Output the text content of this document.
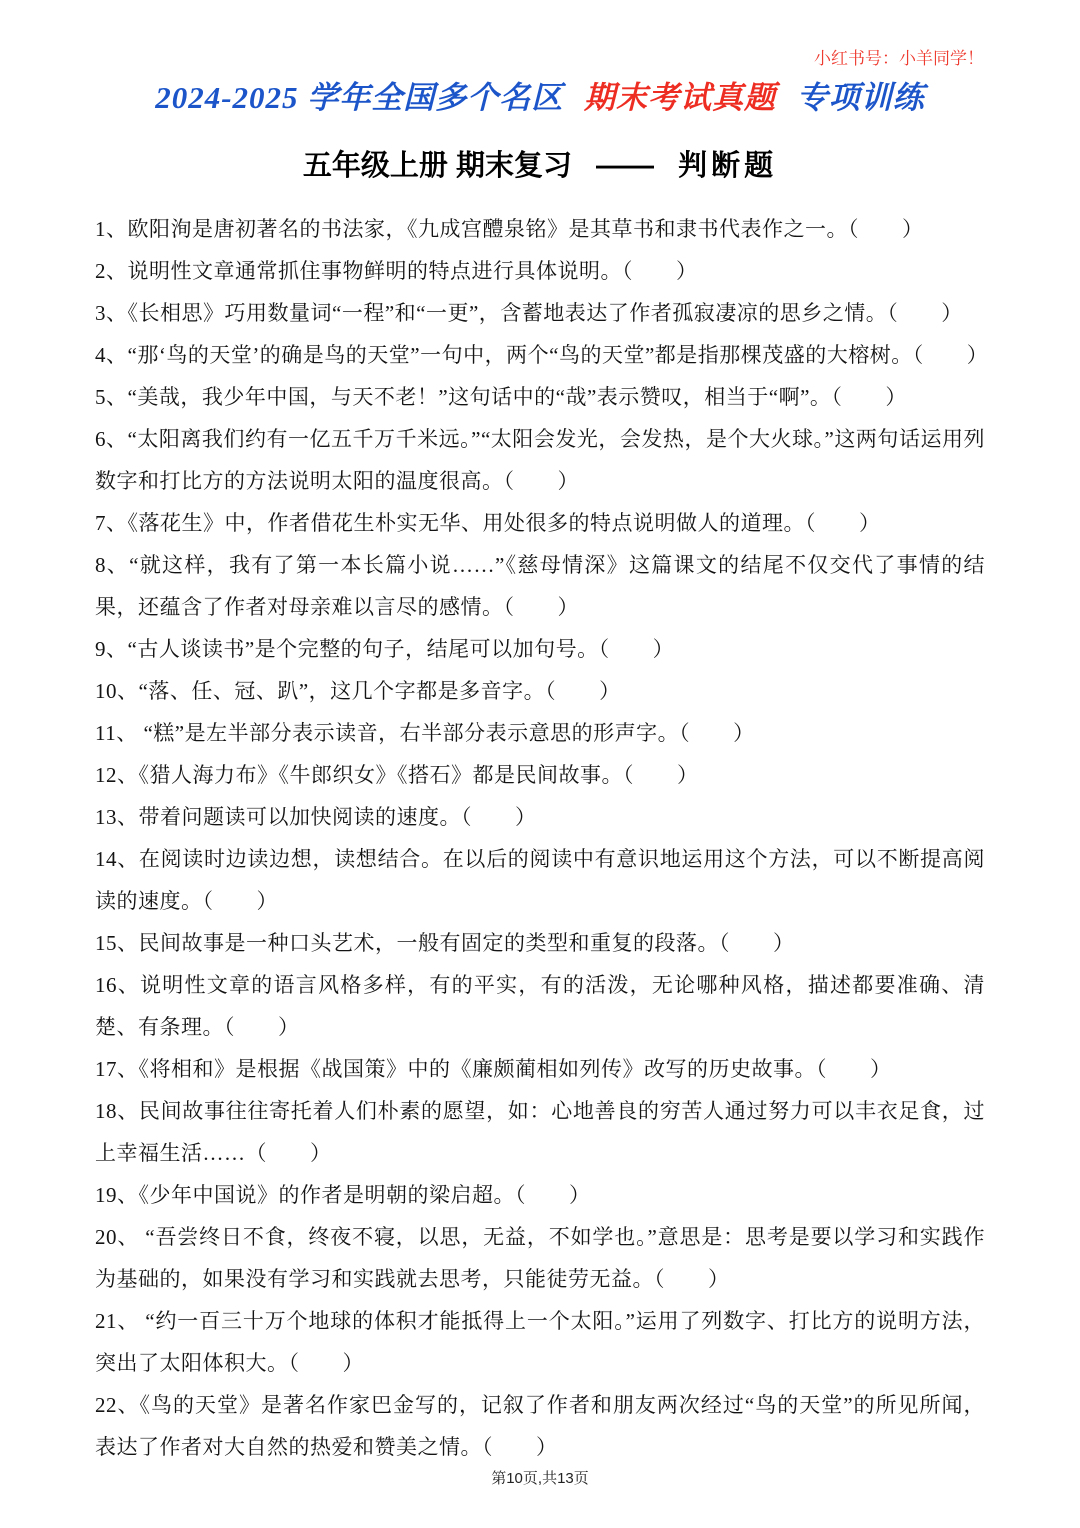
小红书号：小羊同学！
2024-2025 学年全国多个名区 期末考试真题 专项训练
五年级上册 期末复习 —— 判断题

1、欧阳洵是唐初著名的书法家，《九成宫醴泉铭》是其草书和隶书代表作之一。（　　）

2、说明性文章通常抓住事物鲜明的特点进行具体说明。（　　）

3、《长相思》巧用数量词“一程”和“一更”，含蓄地表达了作者孤寂凄凉的思乡之情。（　　）

4、“那‘鸟的天堂’的确是鸟的天堂”一句中，两个“鸟的天堂”都是指那棵茂盛的大榕树。（　　）

5、“美哉，我少年中国，与天不老！”这句话中的“哉”表示赞叹，相当于“啊”。（　　）

6、“太阳离我们约有一亿五千万千米远。”“太阳会发光，会发热，是个大火球。”这两句话运用列数字和打比方的方法说明太阳的温度很高。（　　）

7、《落花生》中，作者借花生朴实无华、用处很多的特点说明做人的道理。（　　）

8、“就这样，我有了第一本长篇小说……”《慈母情深》这篇课文的结尾不仅交代了事情的结果，还蕴含了作者对母亲难以言尽的感情。（　　）

9、“古人谈读书”是个完整的句子，结尾可以加句号。（　　）

10、“落、任、冠、趴”，这几个字都是多音字。（　　）

11、 “糕”是左半部分表示读音，右半部分表示意思的形声字。（　　）

12、《猎人海力布》《牛郎织女》《搭石》都是民间故事。（　　）

13、带着问题读可以加快阅读的速度。（　　）

14、在阅读时边读边想，读想结合。在以后的阅读中有意识地运用这个方法，可以不断提高阅读的速度。（　　）

15、民间故事是一种口头艺术，一般有固定的类型和重复的段落。（　　）

16、说明性文章的语言风格多样，有的平实，有的活泼，无论哪种风格，描述都要准确、清楚、有条理。（　　）

17、《将相和》是根据《战国策》中的《廉颇蔺相如列传》改写的历史故事。（　　）

18、民间故事往往寄托着人们朴素的愿望，如：心地善良的穷苦人通过努力可以丰衣足食，过上幸福生活……（　　）

19、《少年中国说》的作者是明朝的梁启超。（　　）

20、 “吾尝终日不食，终夜不寝，以思，无益，不如学也。”意思是：思考是要以学习和实践作为基础的，如果没有学习和实践就去思考，只能徒劳无益。（　　）

21、 “约一百三十万个地球的体积才能抵得上一个太阳。”运用了列数字、打比方的说明方法，突出了太阳体积大。（　　）

22、《鸟的天堂》是著名作家巴金写的，记叙了作者和朋友两次经过“鸟的天堂”的所见所闻，表达了作者对大自然的热爱和赞美之情。（　　）

第10页,共13页
